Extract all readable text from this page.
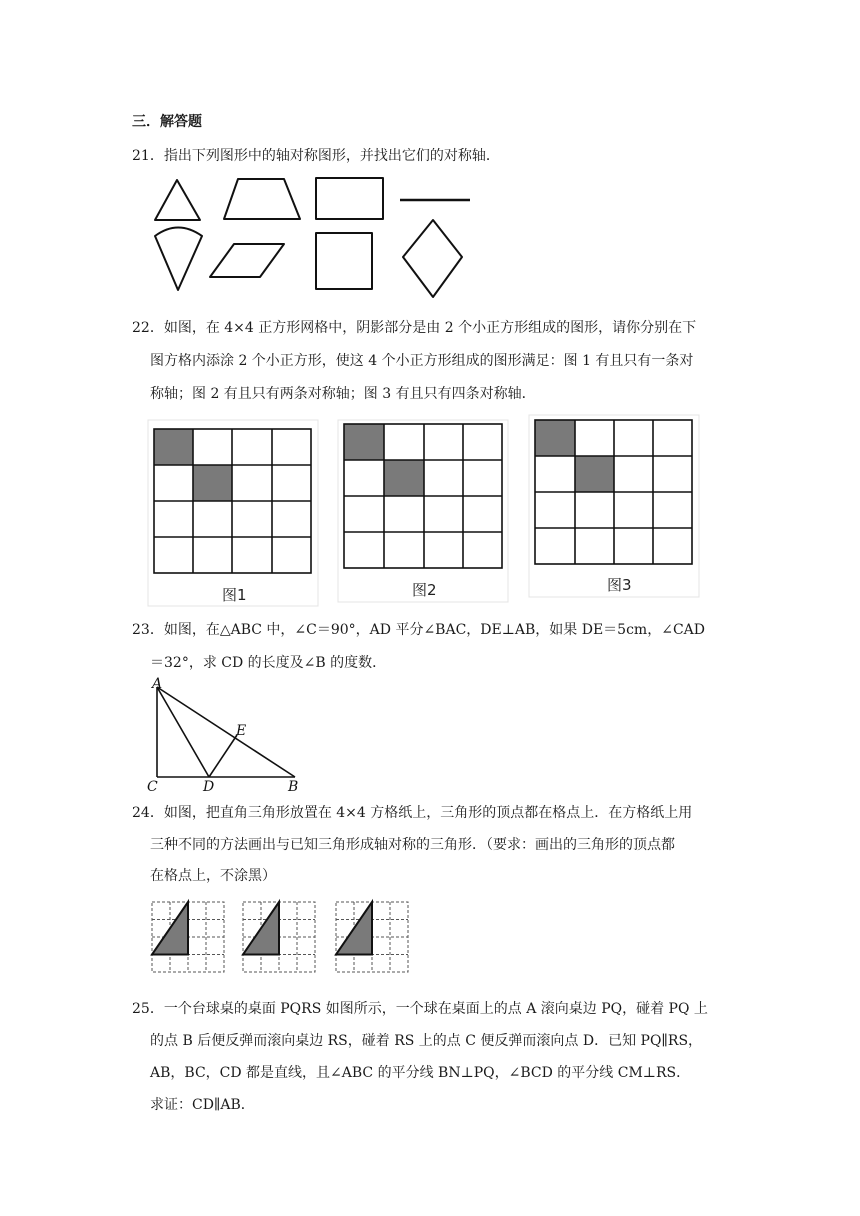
三．解答题
21．指出下列图形中的轴对称图形，并找出它们的对称轴．
22．如图，在 4×4 正方形网格中，阴影部分是由 2 个小正方形组成的图形，请你分别在下
图方格内添涂 2 个小正方形，使这 4 个小正方形组成的图形满足：图 1 有且只有一条对
称轴；图 2 有且只有两条对称轴；图 3 有且只有四条对称轴．
图1	图2	图3
23．如图，在△ABC 中，∠C＝90°，AD 平分∠BAC，DE⊥AB，如果 DE＝5cm，∠CAD
＝32°，求 CD 的长度及∠B 的度数．
A
E
C	D	B
24．如图，把直角三角形放置在 4×4 方格纸上，三角形的顶点都在格点上．在方格纸上用
三种不同的方法画出与已知三角形成轴对称的三角形．（要求：画出的三角形的顶点都
在格点上，不涂黑）
25．一个台球桌的桌面 PQRS 如图所示，一个球在桌面上的点 A 滚向桌边 PQ，碰着 PQ 上
的点 B 后便反弹而滚向桌边 RS，碰着 RS 上的点 C 便反弹而滚向点 D．已知 PQ∥RS，
AB，BC，CD 都是直线，且∠ABC 的平分线 BN⊥PQ，∠BCD 的平分线 CM⊥RS．
求证：CD∥AB．
